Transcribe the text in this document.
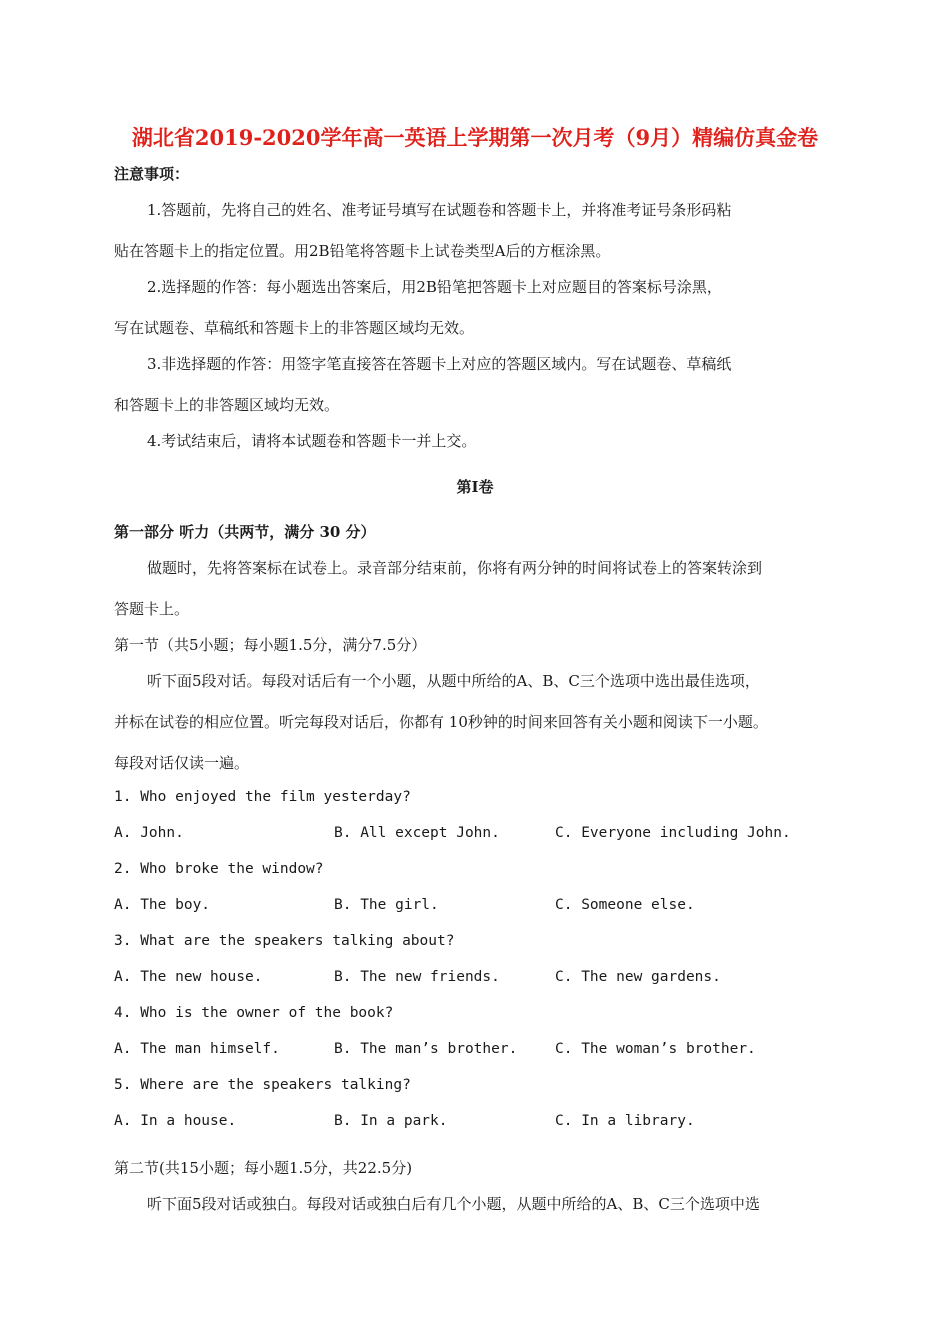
湖北省2019-2020学年高一英语上学期第一次月考（9月）精编仿真金卷
注意事项：
1.答题前，先将自己的姓名、准考证号填写在试题卷和答题卡上，并将准考证号条形码粘
贴在答题卡上的指定位置。用2B铅笔将答题卡上试卷类型A后的方框涂黑。
2.选择题的作答：每小题选出答案后，用2B铅笔把答题卡上对应题目的答案标号涂黑，
写在试题卷、草稿纸和答题卡上的非答题区域均无效。
3.非选择题的作答：用签字笔直接答在答题卡上对应的答题区域内。写在试题卷、草稿纸
和答题卡上的非答题区域均无效。
4.考试结束后，请将本试题卷和答题卡一并上交。
第Ⅰ卷
第一部分 听力（共两节，满分 30 分）
做题时，先将答案标在试卷上。录音部分结束前，你将有两分钟的时间将试卷上的答案转涂到
答题卡上。
第一节（共5小题；每小题1.5分，满分7.5分）
听下面5段对话。每段对话后有一个小题，从题中所给的A、B、C三个选项中选出最佳选项，
并标在试卷的相应位置。听完每段对话后，你都有 10秒钟的时间来回答有关小题和阅读下一小题。
每段对话仅读一遍。
1. Who enjoyed the film yesterday?
A. John.	B. All except John.	C. Everyone including John.
2. Who broke the window?
A. The boy.	B. The girl.	C. Someone else.
3. What are the speakers talking about?
A. The new house.	B. The new friends.	C. The new gardens.
4. Who is the owner of the book?
A. The man himself.	B. The man’s brother.	C. The woman’s brother.
5. Where are the speakers talking?
A. In a house.	B. In a park.	C. In a library.
第二节(共15小题；每小题1.5分，共22.5分)
听下面5段对话或独白。每段对话或独白后有几个小题，从题中所给的A、B、C三个选项中选
